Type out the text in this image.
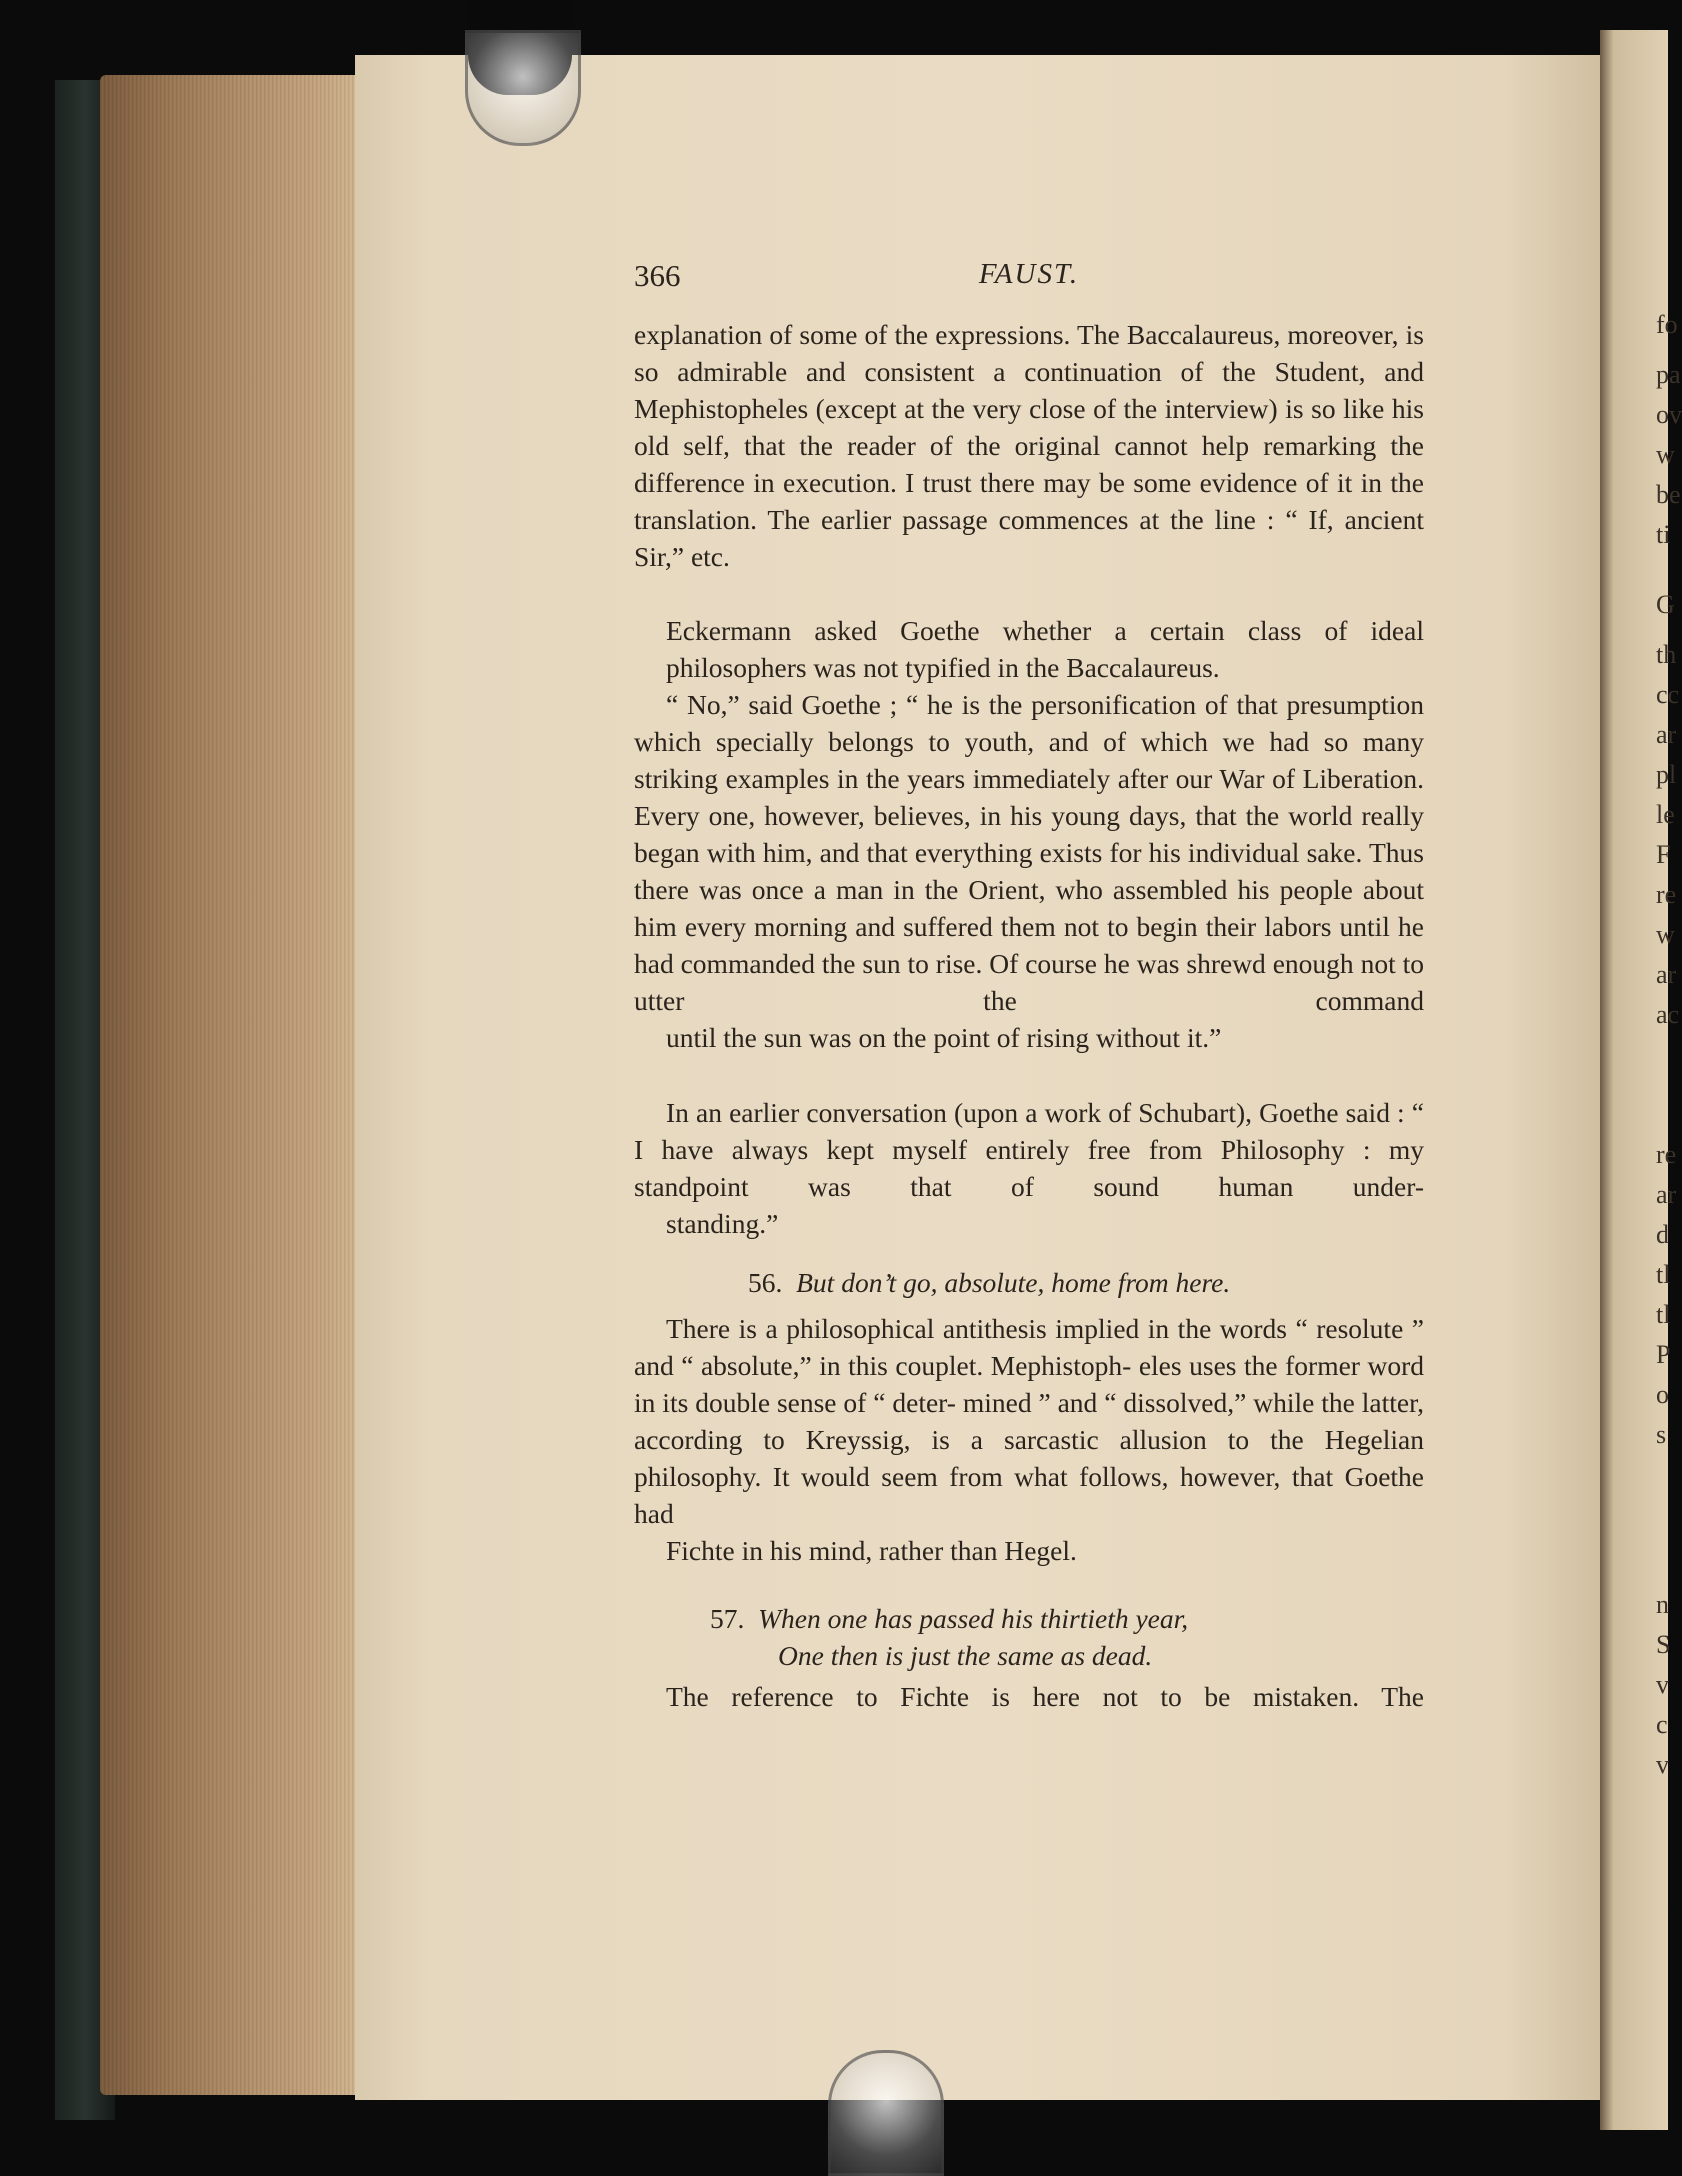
fo
pa
ov
w
be
ti
G
th
cc
ar
pl
le
F
re
w
ar
ac
re
ar
d
tl
tl
P
o
s
n
S
v
c
v
366	FAUST.

explanation of some of the expressions. The Baccalaureus, moreover, is so admirable and consistent a continuation of the Student, and Mephistopheles (except at the very close of the interview) is so like his old self, that the reader of the original cannot help remarking the difference in execution. I trust there may be some evidence of it in the translation. The earlier passage commences at the line : “ If, ancient
Sir,” etc.

Eckermann asked Goethe whether a certain class of ideal
philosophers was not typified in the Baccalaureus.

“ No,” said Goethe ; “ he is the personification of that presumption which specially belongs to youth, and of which we had so many striking examples in the years immediately after our War of Liberation. Every one, however, believes, in his young days, that the world really began with him, and that everything exists for his individual sake. Thus there was once a man in the Orient, who assembled his people about him every morning and suffered them not to begin their labors until he had commanded the sun to rise. Of course he was shrewd enough not to utter the command
until the sun was on the point of rising without it.”

In an earlier conversation (upon a work of Schubart), Goethe said : “ I have always kept myself entirely free from Philosophy : my standpoint was that of sound human under-
standing.”

56. But don’t go, absolute, home from here.

There is a philosophical antithesis implied in the words “ resolute ” and “ absolute,” in this couplet. Mephistoph- eles uses the former word in its double sense of “ deter- mined ” and “ dissolved,” while the latter, according to Kreyssig, is a sarcastic allusion to the Hegelian philosophy. It would seem from what follows, however, that Goethe had
Fichte in his mind, rather than Hegel.

57. When one has passed his thirtieth year,

One then is just the same as dead.

The reference to Fichte is here not to be mistaken. The
